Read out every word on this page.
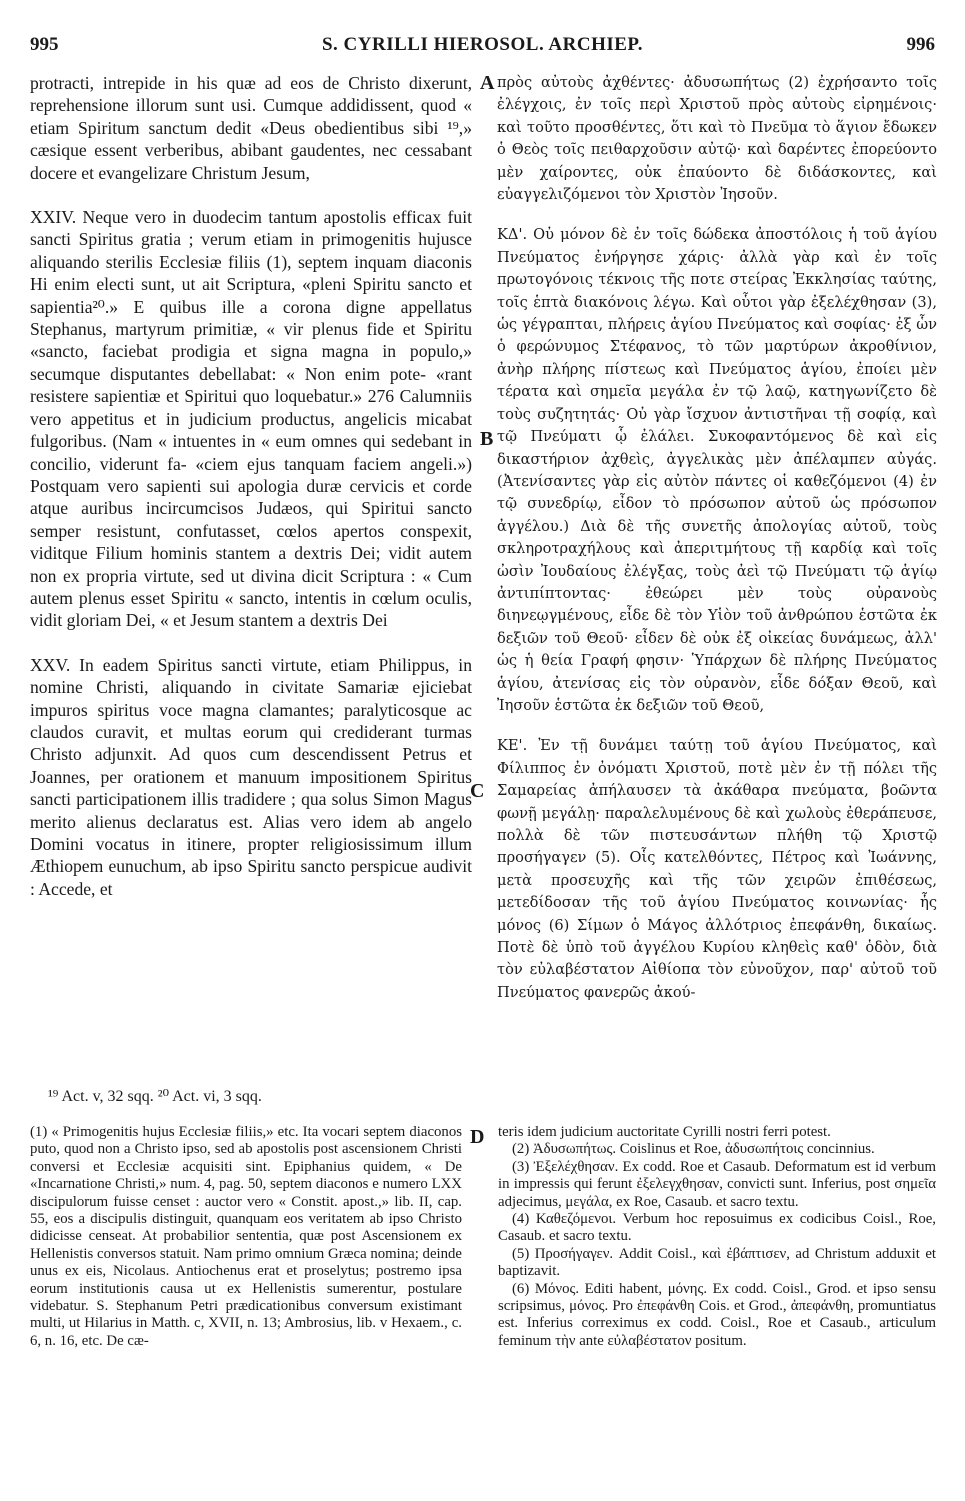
995	S. CYRILLI HIEROSOL. ARCHIEP.	996

protracti, intrepide in his quæ ad eos de Christo dixerunt, reprehensione illorum sunt usi. Cumque addidissent, quod « etiam Spiritum sanctum dedit «Deus obedientibus sibi ¹⁹,» cæsique essent verberibus, abibant gaudentes, nec cessabant docere et evangelizare Christum Jesum,

XXIV. Neque vero in duodecim tantum apostolis efficax fuit sancti Spiritus gratia ; verum etiam in primogenitis hujusce aliquando sterilis Ecclesiæ filiis (1), septem inquam diaconis Hi enim electi sunt, ut ait Scriptura, «pleni Spiritu sancto et sapientia²⁰.» E quibus ille a corona digne appellatus Stephanus, martyrum primitiæ, « vir plenus fide et Spiritu «sancto, faciebat prodigia et signa magna in populo,» secumque disputantes debellabat: « Non enim pote- «rant resistere sapientiæ et Spiritui quo loquebatur.» 276 Calumniis vero appetitus et in judicium productus, angelicis micabat fulgoribus. (Nam « intuentes in « eum omnes qui sedebant in concilio, viderunt fa- «ciem ejus tanquam faciem angeli.») Postquam vero sapienti sui apologia duræ cervicis et corde atque auribus incircumcisos Judæos, qui Spiritui sancto semper resistunt, confutasset, cœlos apertos conspexit, viditque Filium hominis stantem a dextris Dei; vidit autem non ex propria virtute, sed ut divina dicit Scriptura : « Cum autem plenus esset Spiritu « sancto, intentis in cœlum oculis, vidit gloriam Dei, « et Jesum stantem a dextris Dei

XXV. In eadem Spiritus sancti virtute, etiam Philippus, in nomine Christi, aliquando in civitate Samariæ ejiciebat impuros spiritus voce magna clamantes; paralyticosque ac claudos curavit, et multas eorum qui crediderant turmas Christo adjunxit. Ad quos cum descendissent Petrus et Joannes, per orationem et manuum impositionem Spiritus sancti participationem illis tradidere ; qua solus Simon Magus merito alienus declaratus est. Alias vero idem ab angelo Domini vocatus in itinere, propter religiosissimum illum Æthiopem eunuchum, ab ipso Spiritu sancto perspicue audivit : Accede, et

A
B
C
D

πρὸς αὐτοὺς ἀχθέντες· ἀδυσωπήτως (2) ἐχρήσαντο τοῖς ἐλέγχοις, ἐν τοῖς περὶ Χριστοῦ πρὸς αὐτοὺς εἰρημένοις· καὶ τοῦτο προσθέντες, ὅτι καὶ τὸ Πνεῦμα τὸ ἅγιον ἔδωκεν ὁ Θεὸς τοῖς πειθαρχοῦσιν αὐτῷ· καὶ δαρέντες ἐπορεύοντο μὲν χαίροντες, οὐκ ἐπαύοντο δὲ διδάσκοντες, καὶ εὐαγγελιζόμενοι τὸν Χριστὸν Ἰησοῦν.

ΚΔ'. Οὐ μόνον δὲ ἐν τοῖς δώδεκα ἀποστόλοις ἡ τοῦ ἁγίου Πνεύματος ἐνήργησε χάρις· ἀλλὰ γὰρ καὶ ἐν τοῖς πρωτογόνοις τέκνοις τῆς ποτε στείρας Ἐκκλησίας ταύτης, τοῖς ἑπτὰ διακόνοις λέγω. Καὶ οὗτοι γὰρ ἐξελέχθησαν (3), ὡς γέγραπται, πλήρεις ἁγίου Πνεύματος καὶ σοφίας· ἐξ ὧν ὁ φερώνυμος Στέφανος, τὸ τῶν μαρτύρων ἀκροθίνιον, ἀνὴρ πλήρης πίστεως καὶ Πνεύματος ἁγίου, ἐποίει μὲν τέρατα καὶ σημεῖα μεγάλα ἐν τῷ λαῷ, κατηγωνίζετο δὲ τοὺς συζητητάς· Οὐ γὰρ ἴσχυον ἀντιστῆναι τῇ σοφίᾳ, καὶ τῷ Πνεύματι ᾧ ἐλάλει. Συκοφαντόμενος δὲ καὶ εἰς δικαστήριον ἀχθεὶς, ἀγγελικὰς μὲν ἀπέλαμπεν αὐγάς. (Ἀτενίσαντες γὰρ εἰς αὐτὸν πάντες οἱ καθεζόμενοι (4) ἐν τῷ συνεδρίῳ, εἶδον τὸ πρόσωπον αὐτοῦ ὡς πρόσωπον ἀγγέλου.) Διὰ δὲ τῆς συνετῆς ἀπολογίας αὐτοῦ, τοὺς σκληροτραχήλους καὶ ἀπεριτμήτους τῇ καρδίᾳ καὶ τοῖς ὠσὶν Ἰουδαίους ἐλέγξας, τοὺς ἀεὶ τῷ Πνεύματι τῷ ἁγίῳ ἀντιπίπτοντας· ἐθεώρει μὲν τοὺς οὐρανοὺς διηνεῳγμένους, εἶδε δὲ τὸν Υἱὸν τοῦ ἀνθρώπου ἑστῶτα ἐκ δεξιῶν τοῦ Θεοῦ· εἶδεν δὲ οὐκ ἐξ οἰκείας δυνάμεως, ἀλλ' ὡς ἡ θεία Γραφή φησιν· Ὑπάρχων δὲ πλήρης Πνεύματος ἁγίου, ἀτενίσας εἰς τὸν οὐρανὸν, εἶδε δόξαν Θεοῦ, καὶ Ἰησοῦν ἑστῶτα ἐκ δεξιῶν τοῦ Θεοῦ,

ΚΕ'. Ἐν τῇ δυνάμει ταύτῃ τοῦ ἁγίου Πνεύματος, καὶ Φίλιππος ἐν ὀνόματι Χριστοῦ, ποτὲ μὲν ἐν τῇ πόλει τῆς Σαμαρείας ἀπήλαυσεν τὰ ἀκάθαρα πνεύματα, βοῶντα φωνῇ μεγάλῃ· παραλελυμένους δὲ καὶ χωλοὺς ἐθεράπευσε, πολλὰ δὲ τῶν πιστευσάντων πλήθη τῷ Χριστῷ προσήγαγεν (5). Οἷς κατελθόντες, Πέτρος καὶ Ἰωάννης, μετὰ προσευχῆς καὶ τῆς τῶν χειρῶν ἐπιθέσεως, μετεδίδοσαν τῆς τοῦ ἁγίου Πνεύματος κοινωνίας· ἧς μόνος (6) Σίμων ὁ Μάγος ἀλλότριος ἐπεφάνθη, δικαίως. Ποτὲ δὲ ὑπὸ τοῦ ἀγγέλου Κυρίου κληθεὶς καθ' ὁδὸν, διὰ τὸν εὐλαβέστατον Αἰθίοπα τὸν εὐνοῦχον, παρ' αὐτοῦ τοῦ Πνεύματος φανερῶς ἀκού-

¹⁹ Act. v, 32 sqq. ²⁰ Act. vi, 3 sqq.

(1) « Primogenitis hujus Ecclesiæ filiis,» etc. Ita vocari septem diaconos puto, quod non a Christo ipso, sed ab apostolis post ascensionem Christi conversi et Ecclesiæ acquisiti sint. Epiphanius quidem, « De «Incarnatione Christi,» num. 4, pag. 50, septem diaconos e numero LXX discipulorum fuisse censet : auctor vero « Constit. apost.,» lib. II, cap. 55, eos a discipulis distinguit, quanquam eos veritatem ab ipso Christo didicisse censeat. At probabilior sententia, quæ post Ascensionem ex Hellenistis conversos statuit. Nam primo omnium Græca nomina; deinde unus ex eis, Nicolaus. Antiochenus erat et proselytus; postremo ipsa eorum institutionis causa ut ex Hellenistis sumerentur, postulare videbatur. S. Stephanum Petri prædicationibus conversum existimant multi, ut Hilarius in Matth. c, XVII, n. 13; Ambrosius, lib. v Hexaem., c. 6, n. 16, etc. De cæ-

teris idem judicium auctoritate Cyrilli nostri ferri potest.

(2) Ἀδυσωπήτως. Coislinus et Roe, ἀδυσωπήτοις concinnius.

(3) Ἐξελέχθησαν. Ex codd. Roe et Casaub. Deformatum est id verbum in impressis qui ferunt ἐξελεγχθησαν, convicti sunt. Inferius, post σημεῖα adjecimus, μεγάλα, ex Roe, Casaub. et sacro textu.

(4) Καθεζόμενοι. Verbum hoc reposuimus ex codicibus Coisl., Roe, Casaub. et sacro textu.

(5) Προσήγαγεν. Addit Coisl., καὶ ἐβάπτισεν, ad Christum adduxit et baptizavit.

(6) Μόνος. Editi habent, μόνης. Ex codd. Coisl., Grod. et ipso sensu scripsimus, μόνος. Pro ἐπεφάνθη Cois. et Grod., ἀπεφάνθη, promuntiatus est. Inferius correximus ex codd. Coisl., Roe et Casaub., articulum feminum τὴν ante εὐλαβέστατον positum.
